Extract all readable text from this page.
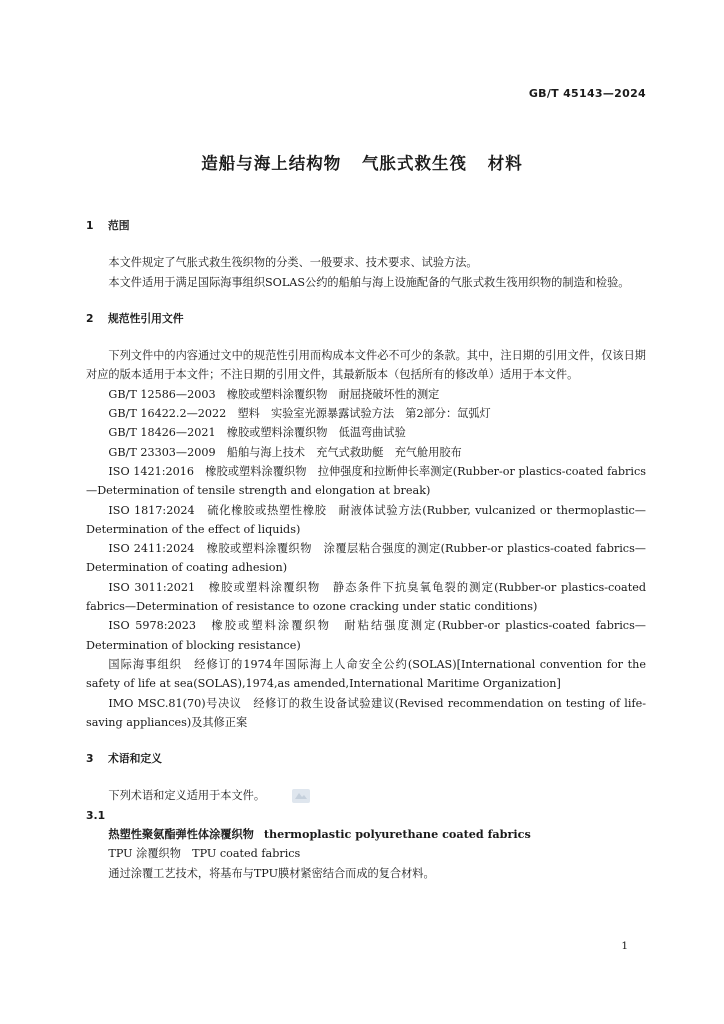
GB/T 45143—2024
造船与海上结构物 气胀式救生筏 材料
1 范围
本文件规定了气胀式救生筏织物的分类、一般要求、技术要求、试验方法。
本文件适用于满足国际海事组织SOLAS公约的船舶与海上设施配备的气胀式救生筏用织物的制造和检验。
2 规范性引用文件
下列文件中的内容通过文中的规范性引用而构成本文件必不可少的条款。其中，注日期的引用文件，仅该日期对应的版本适用于本文件；不注日期的引用文件，其最新版本（包括所有的修改单）适用于本文件。
GB/T 12586—2003　橡胶或塑料涂覆织物　耐屈挠破坏性的测定
GB/T 16422.2—2022　塑料　实验室光源暴露试验方法　第2部分：氙弧灯
GB/T 18426—2021　橡胶或塑料涂覆织物　低温弯曲试验
GB/T 23303—2009　船舶与海上技术　充气式救助艇　充气舱用胶布
ISO 1421:2016　橡胶或塑料涂覆织物　拉伸强度和拉断伸长率测定(Rubber-or plastics-coated fabrics—Determination of tensile strength and elongation at break)
ISO 1817:2024　硫化橡胶或热塑性橡胶　耐液体试验方法(Rubber, vulcanized or thermoplastic—Determination of the effect of liquids)
ISO 2411:2024　橡胶或塑料涂覆织物　涂覆层粘合强度的测定(Rubber-or plastics-coated fabrics—Determination of coating adhesion)
ISO 3011:2021　橡胶或塑料涂覆织物　静态条件下抗臭氧龟裂的测定(Rubber-or plastics-coated fabrics—Determination of resistance to ozone cracking under static conditions)
ISO 5978:2023　橡胶或塑料涂覆织物　耐粘结强度测定(Rubber-or plastics-coated fabrics—Determination of blocking resistance)
国际海事组织　经修订的1974年国际海上人命安全公约(SOLAS)[International convention for the safety of life at sea(SOLAS),1974,as amended,International Maritime Organization]
IMO MSC.81(70)号决议　经修订的救生设备试验建议(Revised recommendation on testing of life-saving appliances)及其修正案
3 术语和定义
下列术语和定义适用于本文件。
3.1
热塑性聚氨酯弹性体涂覆织物 thermoplastic polyurethane coated fabrics
TPU 涂覆织物　TPU coated fabrics
通过涂覆工艺技术，将基布与TPU膜材紧密结合而成的复合材料。
1
